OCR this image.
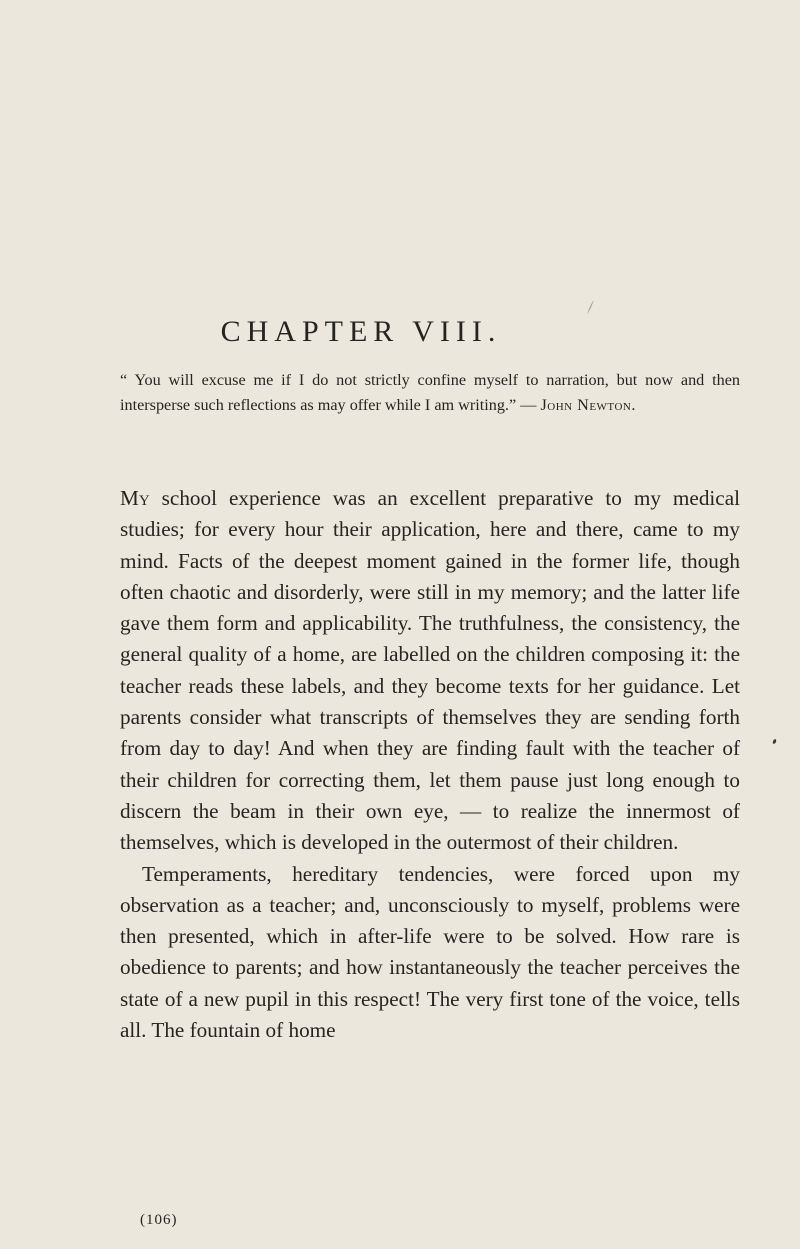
CHAPTER VIII.

“ You will excuse me if I do not strictly confine myself to narration, but now and then intersperse such reflections as may offer while I am writing.” — John Newton.

My school experience was an excellent preparative to my medical studies; for every hour their application, here and there, came to my mind. Facts of the deepest moment gained in the former life, though often chaotic and disorderly, were still in my memory; and the latter life gave them form and applicability. The truthfulness, the consistency, the general quality of a home, are labelled on the children composing it: the teacher reads these labels, and they become texts for her guidance. Let parents consider what transcripts of themselves they are sending forth from day to day! And when they are finding fault with the teacher of their children for correcting them, let them pause just long enough to discern the beam in their own eye, — to realize the innermost of themselves, which is developed in the outermost of their children.

Temperaments, hereditary tendencies, were forced upon my observation as a teacher; and, unconsciously to myself, problems were then presented, which in after-life were to be solved. How rare is obedience to parents; and how instantaneously the teacher perceives the state of a new pupil in this respect! The very first tone of the voice, tells all. The fountain of home

(106)
